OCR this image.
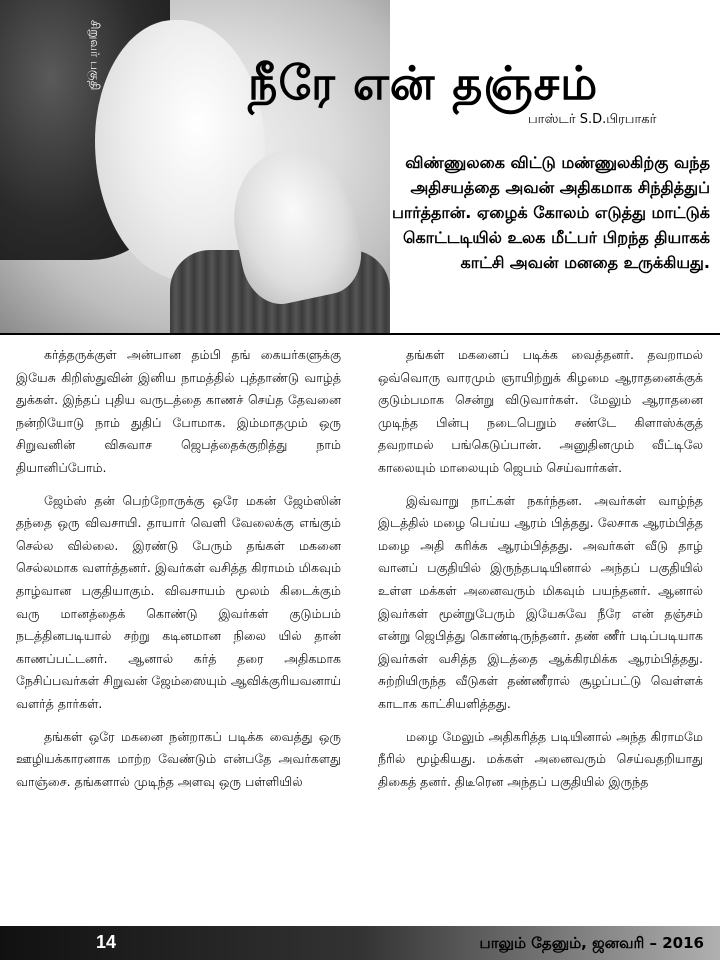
சிறுவர் பகுதி	நீரே என் தஞ்சம்
பாஸ்டர் S.D.பிரபாகர்
விண்ணுலகை விட்டு மண்ணுலகிற்கு வந்த அதிசயத்தை அவன் அதிகமாக சிந்தித்துப் பார்த்தான். ஏழைக் கோலம் எடுத்து மாட்டுக் கொட்டடியில் உலக மீட்பர் பிறந்த தியாகக் காட்சி அவன் மனதை உருக்கியது.

கர்த்தருக்குள் அன்பான தம்பி தங் கையர்களுக்கு இயேசு கிறிஸ்துவின் இனிய நாமத்தில் புத்தாண்டு வாழ்த் துக்கள். இந்தப் புதிய வருடத்தை காணச் செய்த தேவனை நன்றியோடு நாம் துதிப் போமாக. இம்மாதமும் ஒரு சிறுவனின் விசுவாச ஜெபத்தைக்குறித்து நாம் தியானிப்போம்.

ஜேம்ஸ் தன் பெற்றோருக்கு ஒரே மகன் ஜேம்ஸின் தந்தை ஒரு விவசாயி. தாயார் வெளி வேலைக்கு எங்கும் செல்ல வில்லை. இரண்டு பேரும் தங்கள் மகனை செல்லமாக வளர்த்தனர். இவர்கள் வசித்த கிராமம் மிகவும் தாழ்வான பகுதியாகும். விவசாயம் மூலம் கிடைக்கும் வரு மானத்தைக் கொண்டு இவர்கள் குடும்பம் நடத்தினபடியால் சற்று கடினமான நிலை யில் தான் காணப்பட்டனர். ஆனால் கர்த் தரை அதிகமாக நேசிப்பவர்கள் சிறுவன் ஜேம்ஸையும் ஆவிக்குரியவனாய் வளர்த் தார்கள்.

தங்கள் ஒரே மகனை நன்றாகப் படிக்க வைத்து ஒரு ஊழியக்காரனாக மாற்ற வேண்டும் என்பதே அவர்களது வாஞ்சை. தங்களால் முடிந்த அளவு ஒரு பள்ளியில்

தங்கள் மகனைப் படிக்க வைத்தனர். தவறாமல் ஒவ்வொரு வாரமும் ஞாயிற்றுக் கிழமை ஆராதனைக்குக் குடும்பமாக சென்று விடுவார்கள். மேலும் ஆராதனை முடிந்த பின்பு நடைபெறும் சண்டே கிளாஸ்க்குத் தவறாமல் பங்கெடுப்பான். அனுதினமும் வீட்டிலே காலையும் மாலையும் ஜெபம் செய்வார்கள்.

இவ்வாறு நாட்கள் நகர்ந்தன. அவர்கள் வாழ்ந்த இடத்தில் மழை பெய்ய ஆரம் பித்தது. லேசாக ஆரம்பித்த மழை அதி கரிக்க ஆரம்பித்தது. அவர்கள் வீடு தாழ் வானப் பகுதியில் இருந்தபடியினால் அந்தப் பகுதியில் உள்ள மக்கள் அனைவரும் மிகவும் பயந்தனர். ஆனால் இவர்கள் மூன்றுபேரும் இயேசுவே நீரே என் தஞ்சம் என்று ஜெபித்து கொண்டிருந்தனர். தண் ணீர் படிப்படியாக இவர்கள் வசித்த இடத்தை ஆக்கிரமிக்க ஆரம்பித்தது. சுற்றியிருந்த வீடுகள் தண்ணீரால் சூழப்பட்டு வெள்ளக் காடாக காட்சியளித்தது.

மழை மேலும் அதிகரித்த படியினால் அந்த கிராமமே நீரில் மூழ்கியது. மக்கள் அனைவரும் செய்வதறியாது திகைத் தனர். திடீரென அந்தப் பகுதியில் இருந்த

14	பாலும் தேனும், ஜனவரி – 2016
